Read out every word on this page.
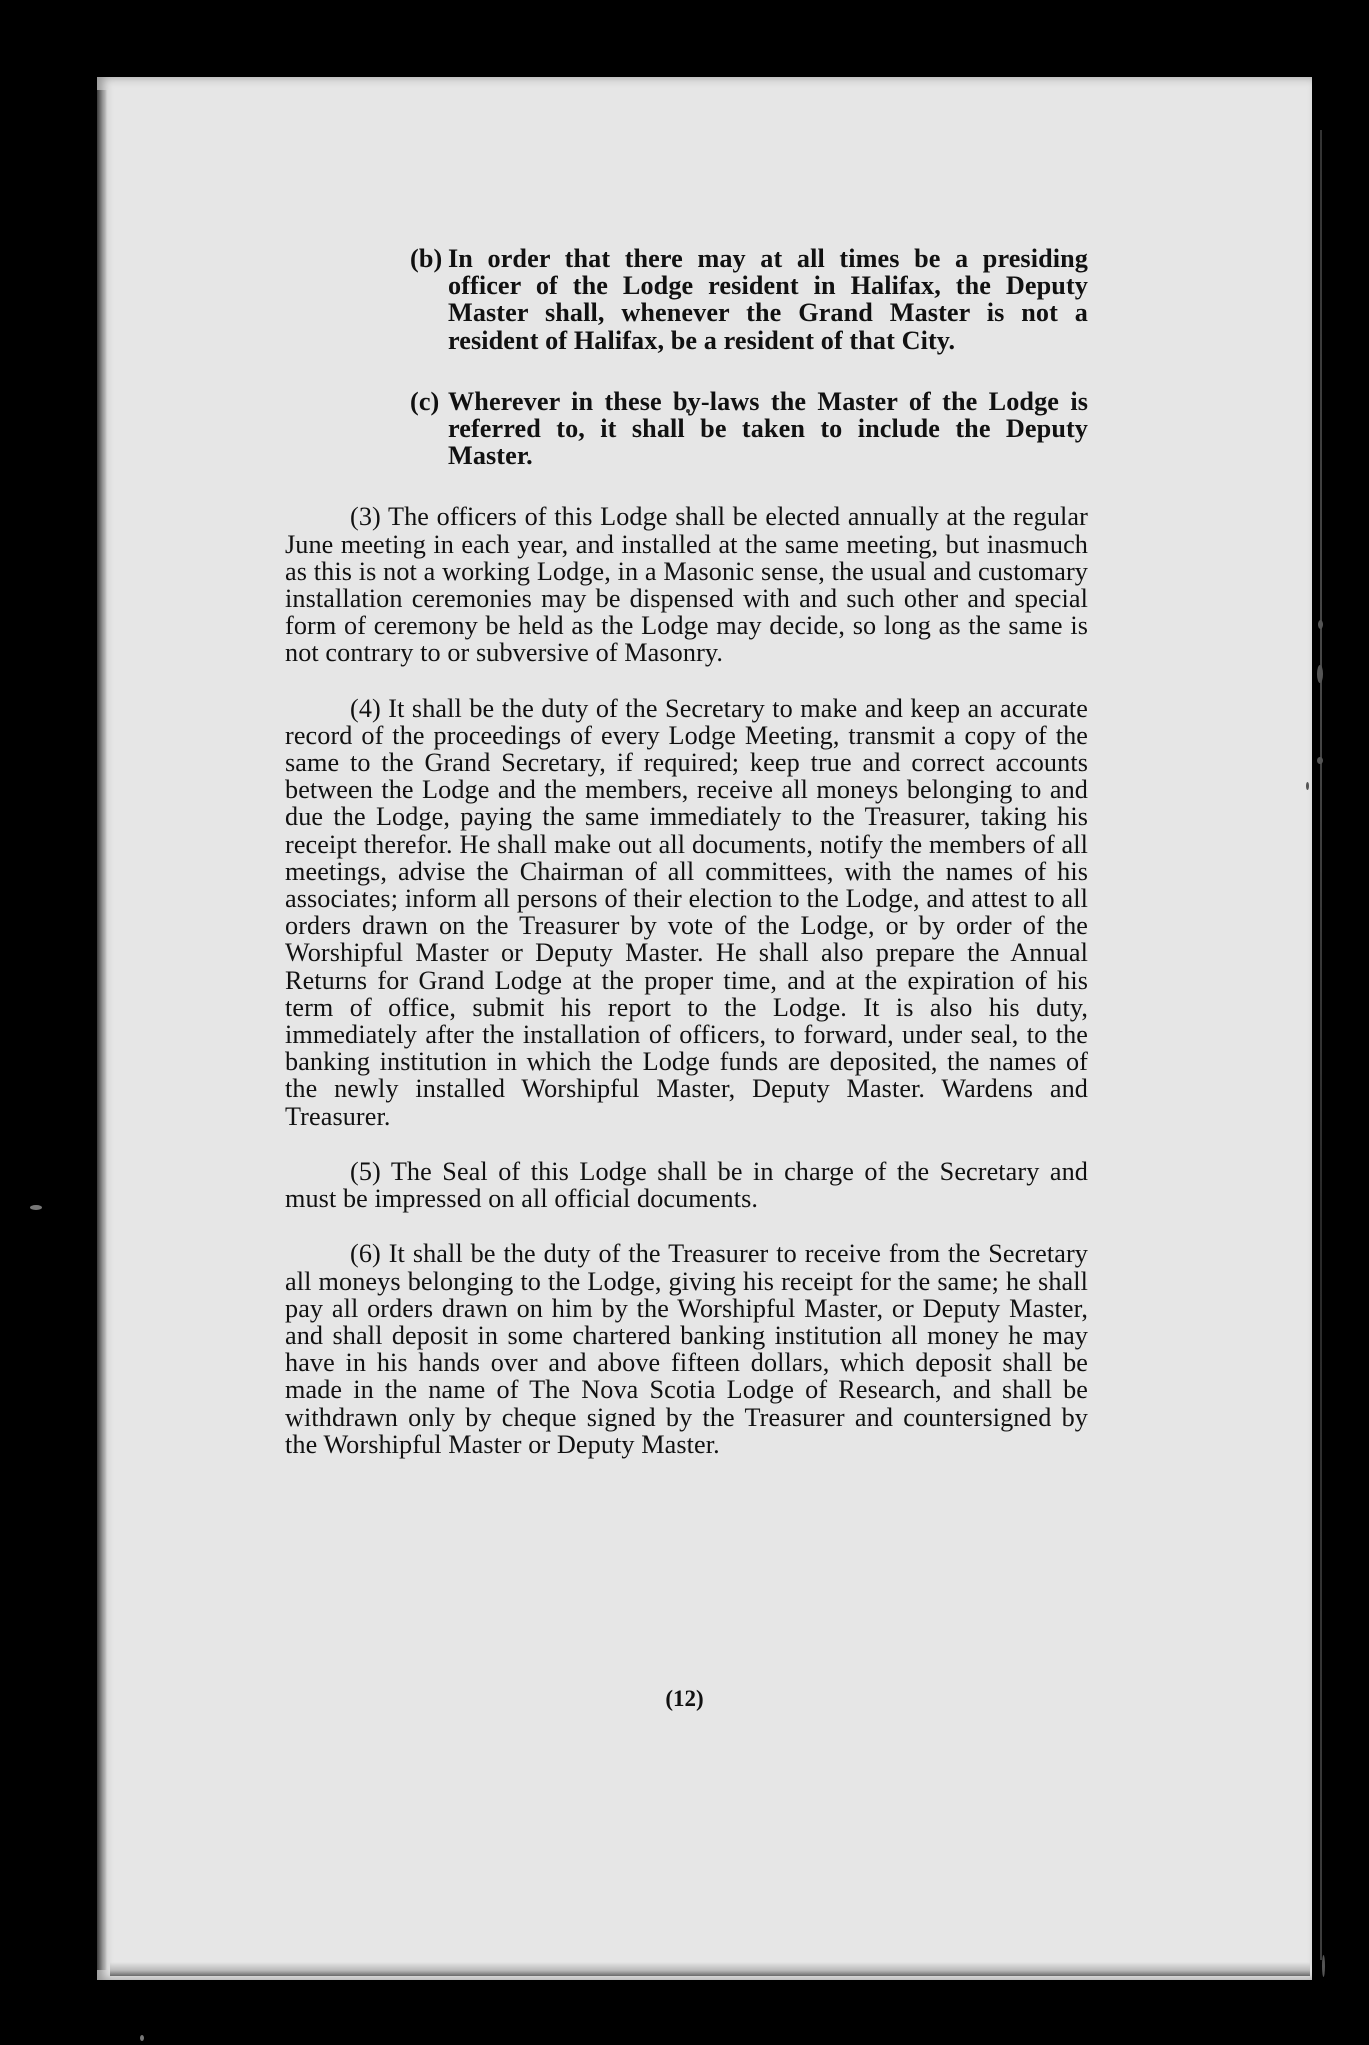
(b) In order that there may at all times be a presiding officer of the Lodge resident in Halifax, the Deputy Master shall, whenever the Grand Master is not a resident of Halifax, be a resident of that City.
(c) Wherever in these by-laws the Master of the Lodge is referred to, it shall be taken to include the Deputy Master.

(3) The officers of this Lodge shall be elected annually at the regular June meeting in each year, and installed at the same meeting, but inasmuch as this is not a working Lodge, in a Masonic sense, the usual and customary installation ceremonies may be dispensed with and such other and special form of ceremony be held as the Lodge may decide, so long as the same is not contrary to or subversive of Masonry.

(4) It shall be the duty of the Secretary to make and keep an accurate record of the proceedings of every Lodge Meeting, transmit a copy of the same to the Grand Secretary, if required; keep true and correct accounts between the Lodge and the members, receive all moneys belonging to and due the Lodge, paying the same immediately to the Treasurer, taking his receipt therefor. He shall make out all documents, notify the members of all meetings, advise the Chairman of all committees, with the names of his associates; inform all persons of their election to the Lodge, and attest to all orders drawn on the Treasurer by vote of the Lodge, or by order of the Worshipful Master or Deputy Master. He shall also prepare the Annual Returns for Grand Lodge at the proper time, and at the expiration of his term of office, submit his report to the Lodge. It is also his duty, immediately after the installation of officers, to forward, under seal, to the banking institution in which the Lodge funds are deposited, the names of the newly installed Worshipful Master, Deputy Master. Wardens and Treasurer.

(5) The Seal of this Lodge shall be in charge of the Secretary and must be impressed on all official documents.

(6) It shall be the duty of the Treasurer to receive from the Secretary all moneys belonging to the Lodge, giving his receipt for the same; he shall pay all orders drawn on him by the Worshipful Master, or Deputy Master, and shall deposit in some chartered banking institution all money he may have in his hands over and above fifteen dollars, which deposit shall be made in the name of The Nova Scotia Lodge of Research, and shall be withdrawn only by cheque signed by the Treasurer and countersigned by the Worshipful Master or Deputy Master.

(12)
